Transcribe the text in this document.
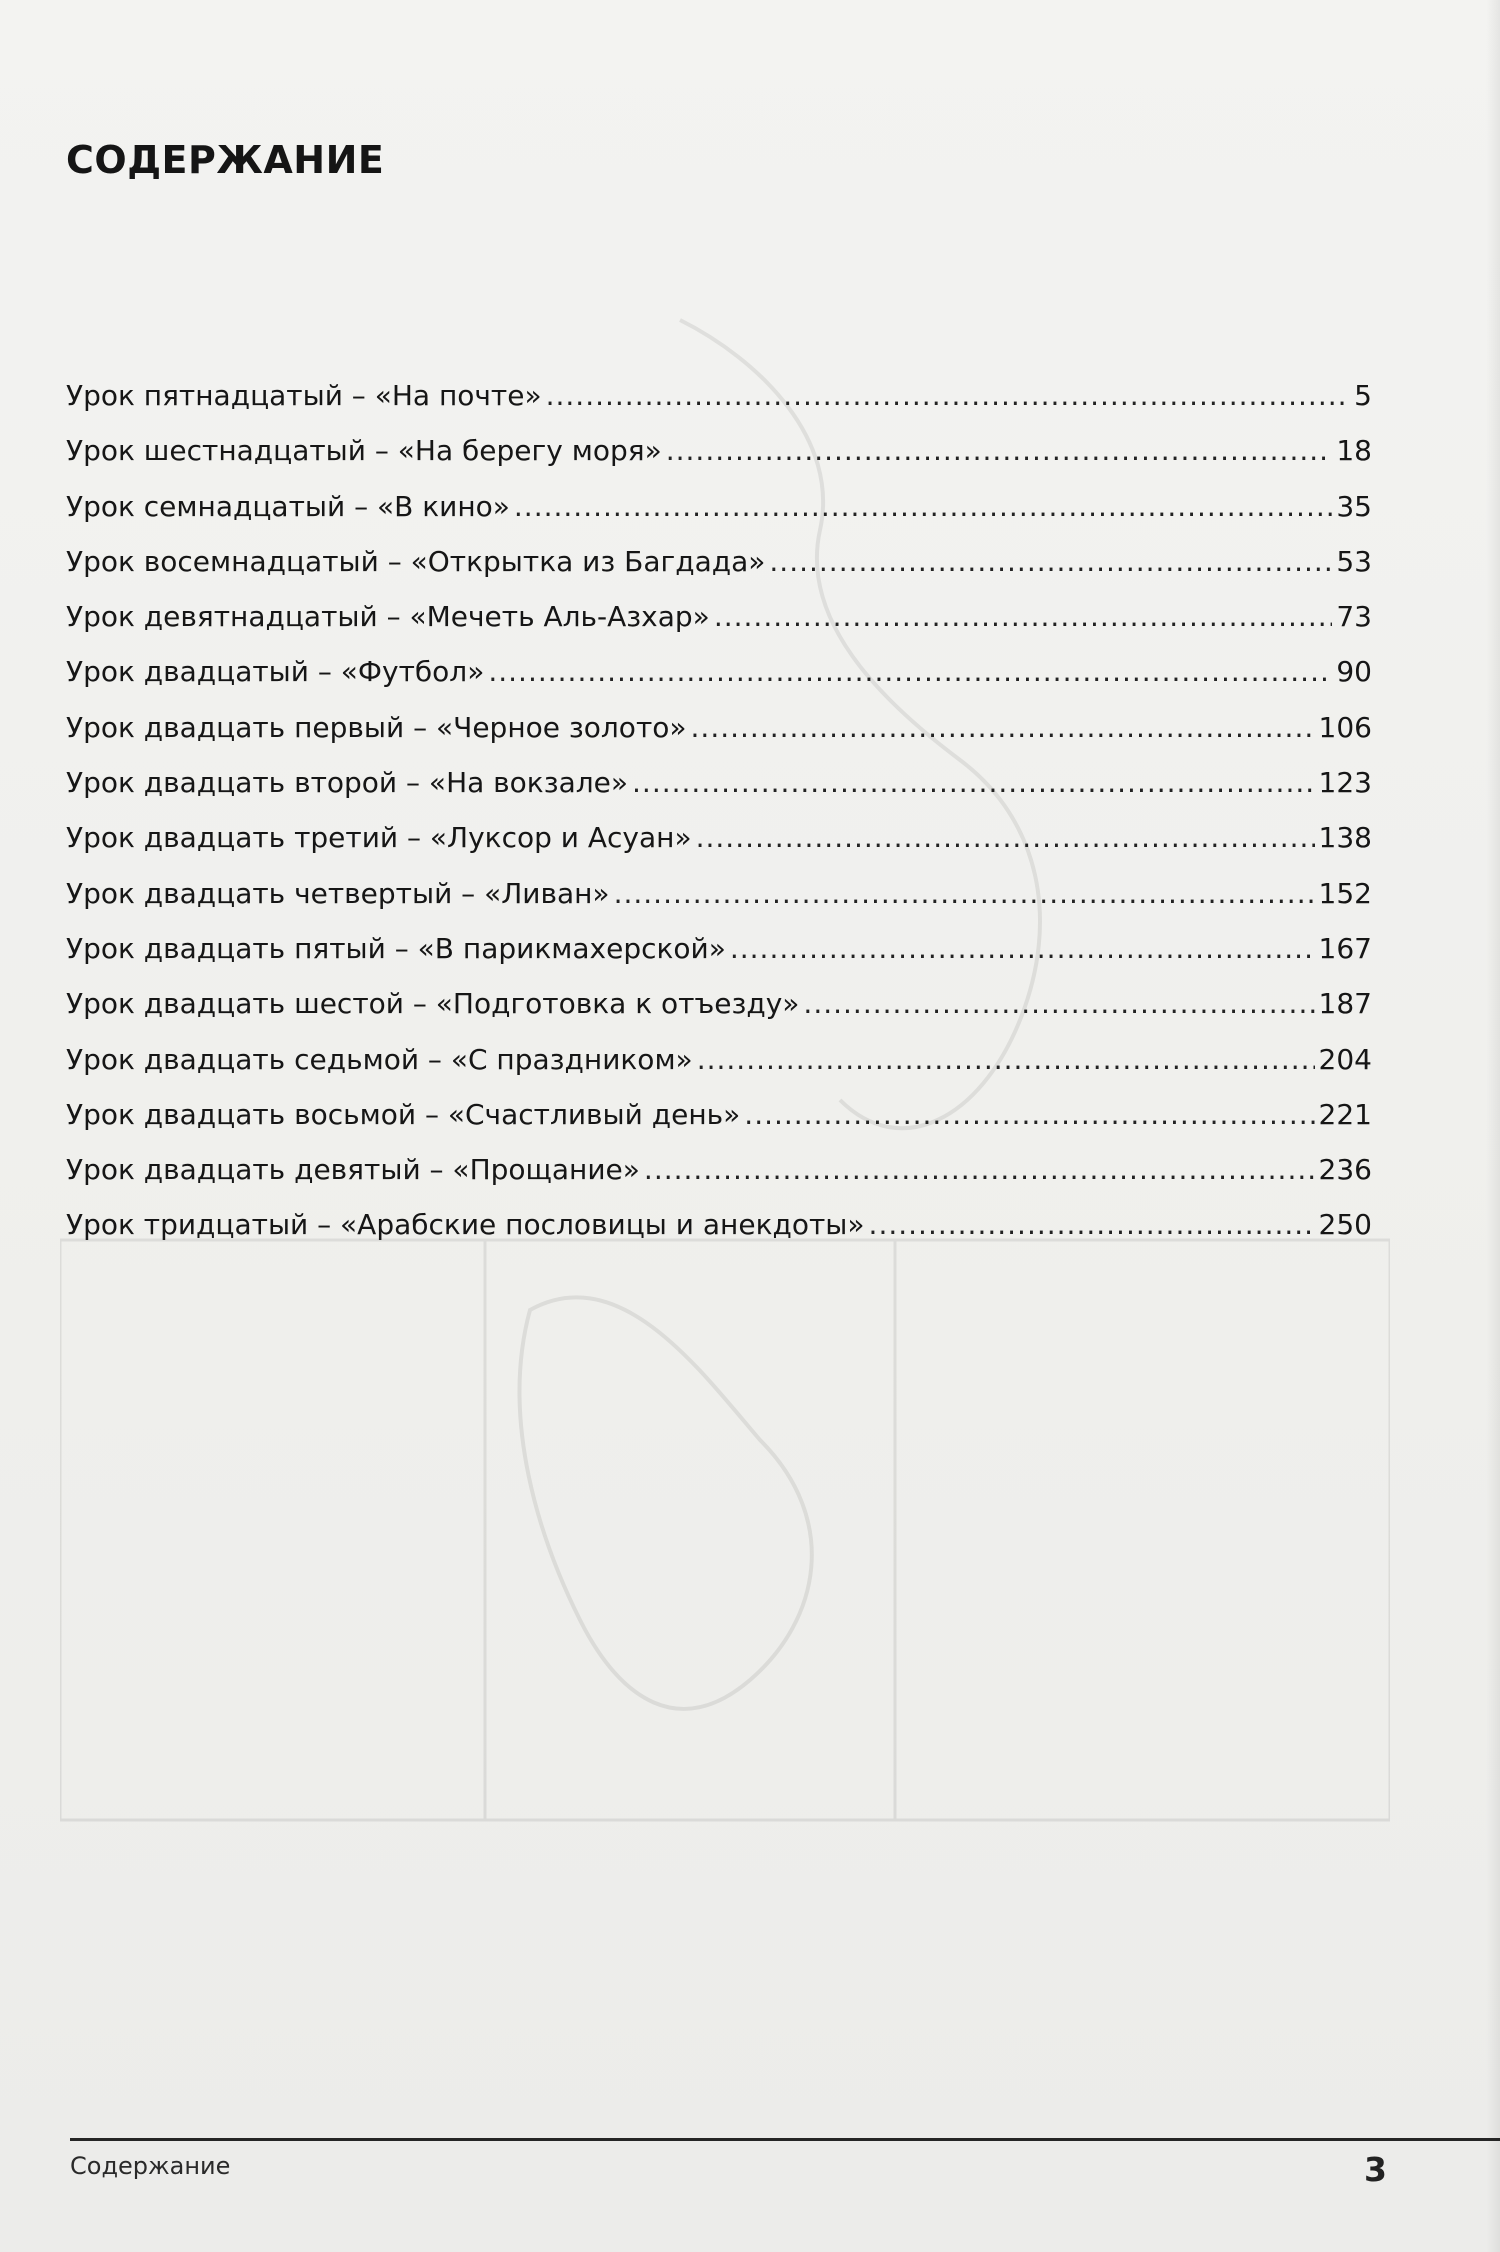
СОДЕРЖАНИЕ
Урок пятнадцатый – «На почте» .....	5
Урок шестнадцатый – «На берегу моря» .....	18
Урок семнадцатый – «В кино» .....	35
Урок восемнадцатый – «Открытка из Багдада» .....	53
Урок девятнадцатый – «Мечеть Аль-Азхар» .....	73
Урок двадцатый – «Футбол» .....	90
Урок двадцать первый – «Черное золото» .....	106
Урок двадцать второй – «На вокзале» .....	123
Урок двадцать третий – «Луксор и Асуан» .....	138
Урок двадцать четвертый – «Ливан» .....	152
Урок двадцать пятый – «В парикмахерской» .....	167
Урок двадцать шестой – «Подготовка к отъезду» .....	187
Урок двадцать седьмой – «С праздником» .....	204
Урок двадцать восьмой – «Счастливый день» .....	221
Урок двадцать девятый – «Прощание» .....	236
Урок тридцатый – «Арабские пословицы и анекдоты» .....	250
Содержание	3
